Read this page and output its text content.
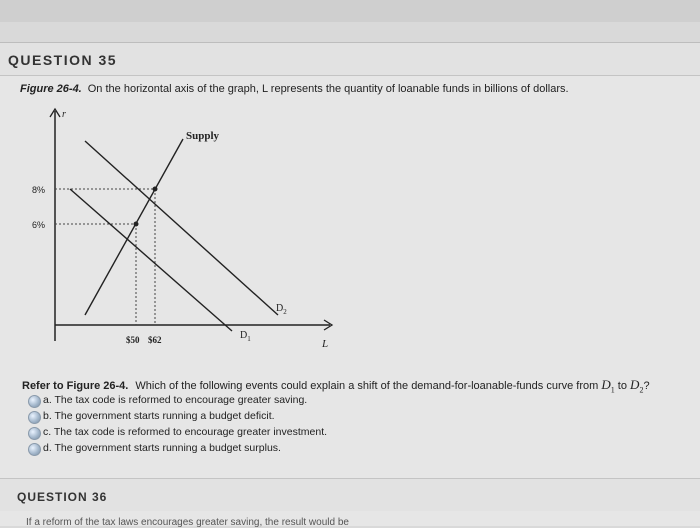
QUESTION 35
Figure 26-4. On the horizontal axis of the graph, L represents the quantity of loanable funds in billions of dollars.
r
L
Supply
$D_2$
$D_1$
8%
6%
$50 $62
Refer to Figure 26-4. Which of the following events could explain a shift of the demand-for-loanable-funds curve from $D_1$ to $D_2$?
a. The tax code is reformed to encourage greater saving.
b. The government starts running a budget deficit.
c. The tax code is reformed to encourage greater investment.
d. The government starts running a budget surplus.
QUESTION 36
If a reform of the tax laws encourages greater saving, the result would be
